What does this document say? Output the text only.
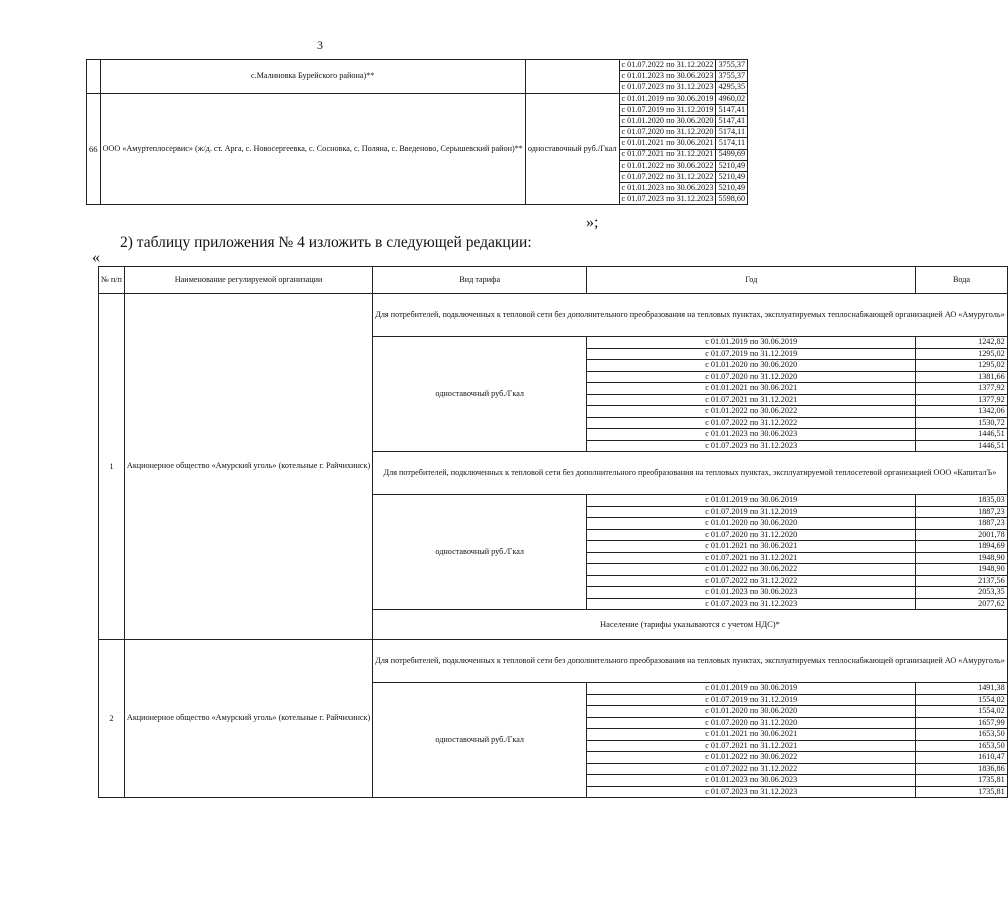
3
	с.Малиновка Бурейского района)**		с 01.07.2022 по 31.12.2022	3755,37
			с 01.01.2023 по 30.06.2023	3755,37
			с 01.07.2023 по 31.12.2023	4295,35
66	ООО «Амуртеплосервис» (ж/д. ст. Арга, с. Новосергеевка, с. Сосновка, с. Поляна, с. Введеново, Серышевский район)**	одноставочный руб./Гкал	с 01.01.2019 по 30.06.2019	4960,02
			с 01.07.2019 по 31.12.2019	5147,41
			с 01.01.2020 по 30.06.2020	5147,41
			с 01.07.2020 по 31.12.2020	5174,11
			с 01.01.2021 по 30.06.2021	5174,11
			с 01.07.2021 по 31.12.2021	5499,69
			с 01.01.2022 по 30.06.2022	5210,49
			с 01.07.2022 по 31.12.2022	5210,49
			с 01.01.2023 по 30.06.2023	5210,49
			с 01.07.2023 по 31.12.2023	5598,60
»;
2) таблицу приложения № 4 изложить в следующей редакции:
«
№ п/п	Наименование регулируемой организации	Вид тарифа	Год	Вода
1	Акционерное общество «Амурский уголь» (котельные г. Райчихинск)	Для потребителей, подключенных к тепловой сети без дополнительного преобразования на тепловых пунктах, эксплуатируемых теплоснабжающей организацией АО «Амуруголь»		
		одноставочный руб./Гкал	с 01.01.2019 по 30.06.2019	1242,82
			с 01.07.2019 по 31.12.2019	1295,02
			с 01.01.2020 по 30.06.2020	1295,02
			с 01.07.2020 по 31.12.2020	1381,66
			с 01.01.2021 по 30.06.2021	1377,92
			с 01.07.2021 по 31.12.2021	1377,92
			с 01.01.2022 по 30.06.2022	1342,06
			с 01.07.2022 по 31.12.2022	1530,72
			с 01.01.2023 по 30.06.2023	1446,51
			с 01.07.2023 по 31.12.2023	1446,51
		Для потребителей, подключенных к тепловой сети без дополнительного преобразования на тепловых пунктах, эксплуатируемой теплосетевой организацией ООО «КапиталЪ»		
		одноставочный руб./Гкал	с 01.01.2019 по 30.06.2019	1835,03
			с 01.07.2019 по 31.12.2019	1887,23
			с 01.01.2020 по 30.06.2020	1887,23
			с 01.07.2020 по 31.12.2020	2001,78
			с 01.01.2021 по 30.06.2021	1894,69
			с 01.07.2021 по 31.12.2021	1948,90
			с 01.01.2022 по 30.06.2022	1948,90
			с 01.07.2022 по 31.12.2022	2137,56
			с 01.01.2023 по 30.06.2023	2053,35
			с 01.07.2023 по 31.12.2023	2077,62
		Население (тарифы указываются с учетом НДС)*		
2	Акционерное общество «Амурский уголь» (котельные г. Райчихинск)	Для потребителей, подключенных к тепловой сети без дополнительного преобразования на тепловых пунктах, эксплуатируемых теплоснабжающей организацией АО «Амуруголь»		
		одноставочный руб./Гкал	с 01.01.2019 по 30.06.2019	1491,38
			с 01.07.2019 по 31.12.2019	1554,02
			с 01.01.2020 по 30.06.2020	1554,02
			с 01.07.2020 по 31.12.2020	1657,99
			с 01.01.2021 по 30.06.2021	1653,50
			с 01.07.2021 по 31.12.2021	1653,50
			с 01.01.2022 по 30.06.2022	1610,47
			с 01.07.2022 по 31.12.2022	1836,86
			с 01.01.2023 по 30.06.2023	1735,81
			с 01.07.2023 по 31.12.2023	1735,81
